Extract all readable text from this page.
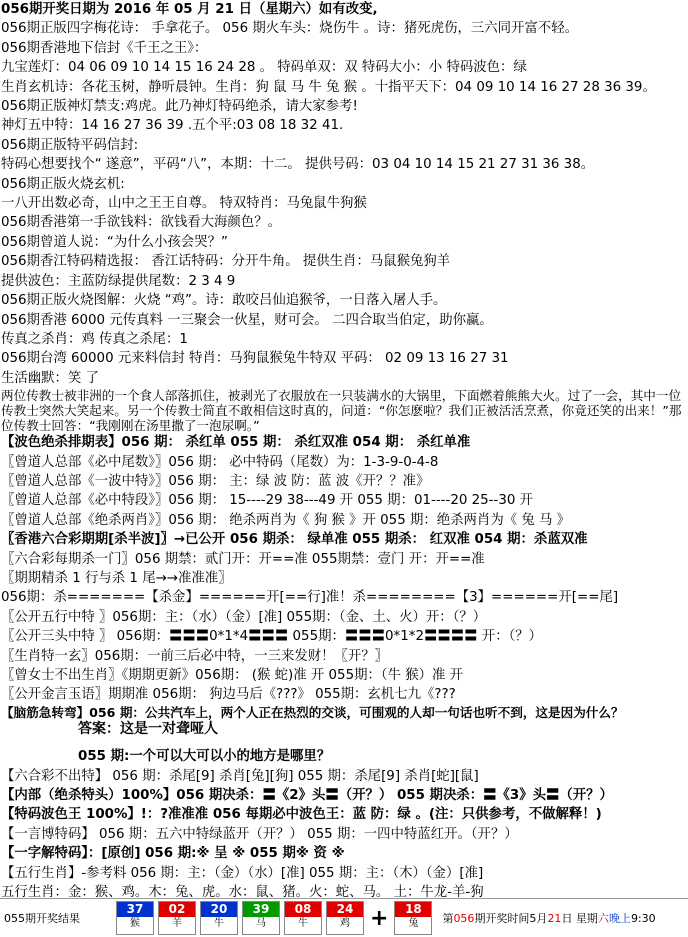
056期开奖日期为 2016 年 05 月 21 日（星期六）如有改变,
056期正版四字梅花诗： 手拿花子。 056 期火车头：烧伤牛 。诗：猪死虎伤，三六同开富不轻。
056期香港地下信封《千王之王》：
九宝莲灯：04 06 09 10 14 15 16 24 28 。 特码单双：双 特码大小：小 特码波色：绿
生肖玄机诗：各花玉树，静听晨钟。生肖：狗 鼠 马 牛 兔 猴 。十指平天下：04 09 10 14 16 27 28 36 39。
056期正版神灯禁支:鸡虎。此乃神灯特码绝杀，请大家参考!
神灯五中特：14 16 27 36 39 .五个平:03 08 18 32 41.
056期正版特平码信封:
特码心想要找个“ 遂意”，平码“八”，本期：十二。 提供号码：03 04 10 14 15 21 27 31 36 38。
056期正版火烧玄机:
一八开出数必奇，山中之王王自尊。 特双特肖：马兔鼠牛狗猴
056期香港第一手欲钱料：欲钱看大海颜色？。
056期曾道人说：“为什么小孩会哭？”
056期香江特码精选报： 香江话特码：分开牛角。 提供生肖：马鼠猴兔狗羊
提供波色：主蓝防绿提供尾数：2 3 4 9
056期正版火烧图解：火烧 “鸡”。诗：敢咬吕仙追猴爷，一日落入屠人手。
056期香港 6000 元传真料 一三聚会一伙星，财可会。 二四合取当伯定，助你赢。
传真之杀肖：鸡 传真之杀尾：1
056期台湾 60000 元来料信封 特肖：马狗鼠猴兔牛特双 平码： 02 09 13 16 27 31
生活幽默：笑 了
两位传教士被非洲的一个食人部落抓住，被剥光了衣服放在一只装满水的大锅里，下面燃着熊熊大火。过了一会，其中一位传教士突然大笑起来。另一个传教士简直不敢相信这时真的，问道：“你怎麽啦？我们正被活活烹煮，你竟还笑的出来！”那位传教士回答：“我刚刚在汤里撒了一泡尿啊。”
【波色绝杀排期表】056 期： 杀红单 055 期： 杀红双准 054 期： 杀红单准
〖曾道人总部《必中尾数》〗056 期： 必中特码（尾数）为：1-3-9-0-4-8
〖曾道人总部《一波中特》〗056 期： 主：绿 波 防：蓝 波《开？？准》
〖曾道人总部《必中特段》〗056 期： 15----29 38---49 开 055 期：01----20 25--30 开
〖曾道人总部《绝杀两肖》〗056 期： 绝杀两肖为《 狗 猴 》开 055 期：绝杀两肖为《 兔 马 》
〖香港六合彩期期[杀半波]〗→已公开 056 期杀： 绿单准 055 期杀： 红双准 054 期：杀蓝双准
〖六合彩每期杀一门〗056 期禁：贰门开：开==准 055期禁：壹门 开：开==准
〖期期精杀 1 行与杀 1 尾→→准准准〗
056期：杀=======【杀金】======开[==行]准！杀========【3】======开[==尾]
〖公开五行中特 〗056期：主：（水）（金）[准] 055期：（金、土、火）开：（？）
〖公开三头中特 〗 056期：〓〓〓0*1*4〓〓〓 055期：〓〓〓0*1*2〓〓〓〓 开：（？）
〖生肖特一玄〗056期：一前三后必中特，一三来发财！〖开？〗
〖曾女士不出生肖〗《期期更新》056期： (猴 蛇)准 开 055期：（牛 猴）准 开
〖公开金言玉语〗期期准 056期： 狗边马后《???》 055期：玄机七九《???
【脑筋急转弯】056 期：公共汽车上，两个人正在热烈的交谈，可围观的人却一句话也听不到，这是因为什么？
答案：这是一对聋哑人
055 期:一个可以大可以小的地方是哪里？
【六合彩不出特】 056 期：杀尾[9] 杀肖[兔][狗] 055 期：杀尾[9] 杀肖[蛇][鼠]
【内部（绝杀特头）100%】056 期决杀：〓《2》头〓（开？） 055 期决杀：〓《3》头〓（开？）
【特码波色王 100%】!：?准准准 056 每期必中波色王：蓝 防：绿 。(注：只供参考，不做解释！)
【一言博特码】 056 期：五六中特绿蓝开（开？） 055 期：一四中特蓝红开。（开？）
【一字解特码】：[原创] 056 期:※ 呈 ※ 055 期※ 资 ※
【五行生肖】-参考料 056 期：主：（金）（水）[准] 055 期：主：（木）（金）[准]
五行生肖：金：猴、鸡。木：兔、虎。水：鼠、猪。火：蛇、马。 土：牛龙-羊-狗
055期开奖结果
37
猴
02
羊
20
牛
39
马
08
牛
24
鸡 +	18
兔 第056期开奖时间5月21日 星期六晚上9:30
